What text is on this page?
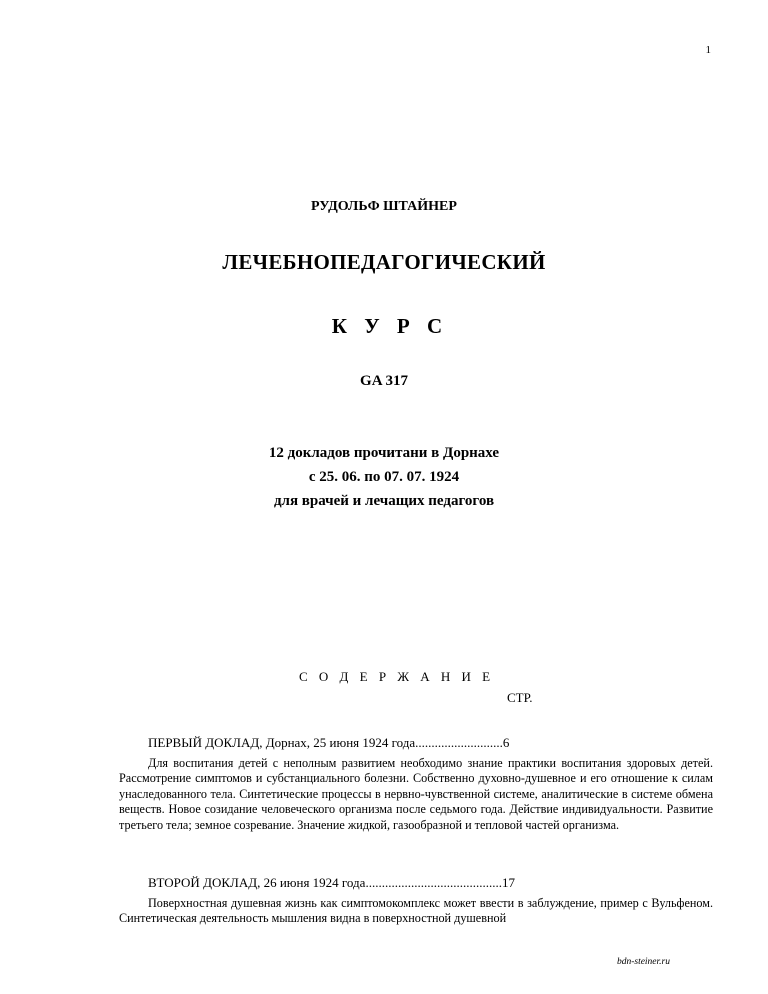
1
РУДОЛЬФ ШТАЙНЕР
ЛЕЧЕБНОПЕДАГОГИЧЕСКИЙ
К У Р С
GA 317
12 докладов прочитани в Дорнахе
с 25. 06. по 07. 07. 1924
для врачей и лечащих педагогов
С О Д Е Р Ж А Н И Е
СТР.
ПЕРВЫЙ ДОКЛАД, Дорнах, 25 июня 1924 года...........................6

Для воспитания детей с неполным развитием необходимо знание практики воспитания здоровых детей. Рассмотрение симптомов и субстанциального болезни. Собственно духовно-душевное и его отношение к силам унаследованного тела. Синтетические процессы в нервно-чувственной системе, аналитические в системе обмена веществ. Новое созидание человеческого организма после седьмого года. Действие индивидуальности. Развитие третьего тела; земное созревание. Значение жидкой, газообразной и тепловой частей организма.

ВТОРОЙ ДОКЛАД, 26 июня 1924 года..........................................17

Поверхностная душевная жизнь как симптомокомплекс может ввести в заблуждение, пример с Вульфеном. Синтетическая деятельность мышления видна в поверхностной душевной

bdn-steiner.ru
